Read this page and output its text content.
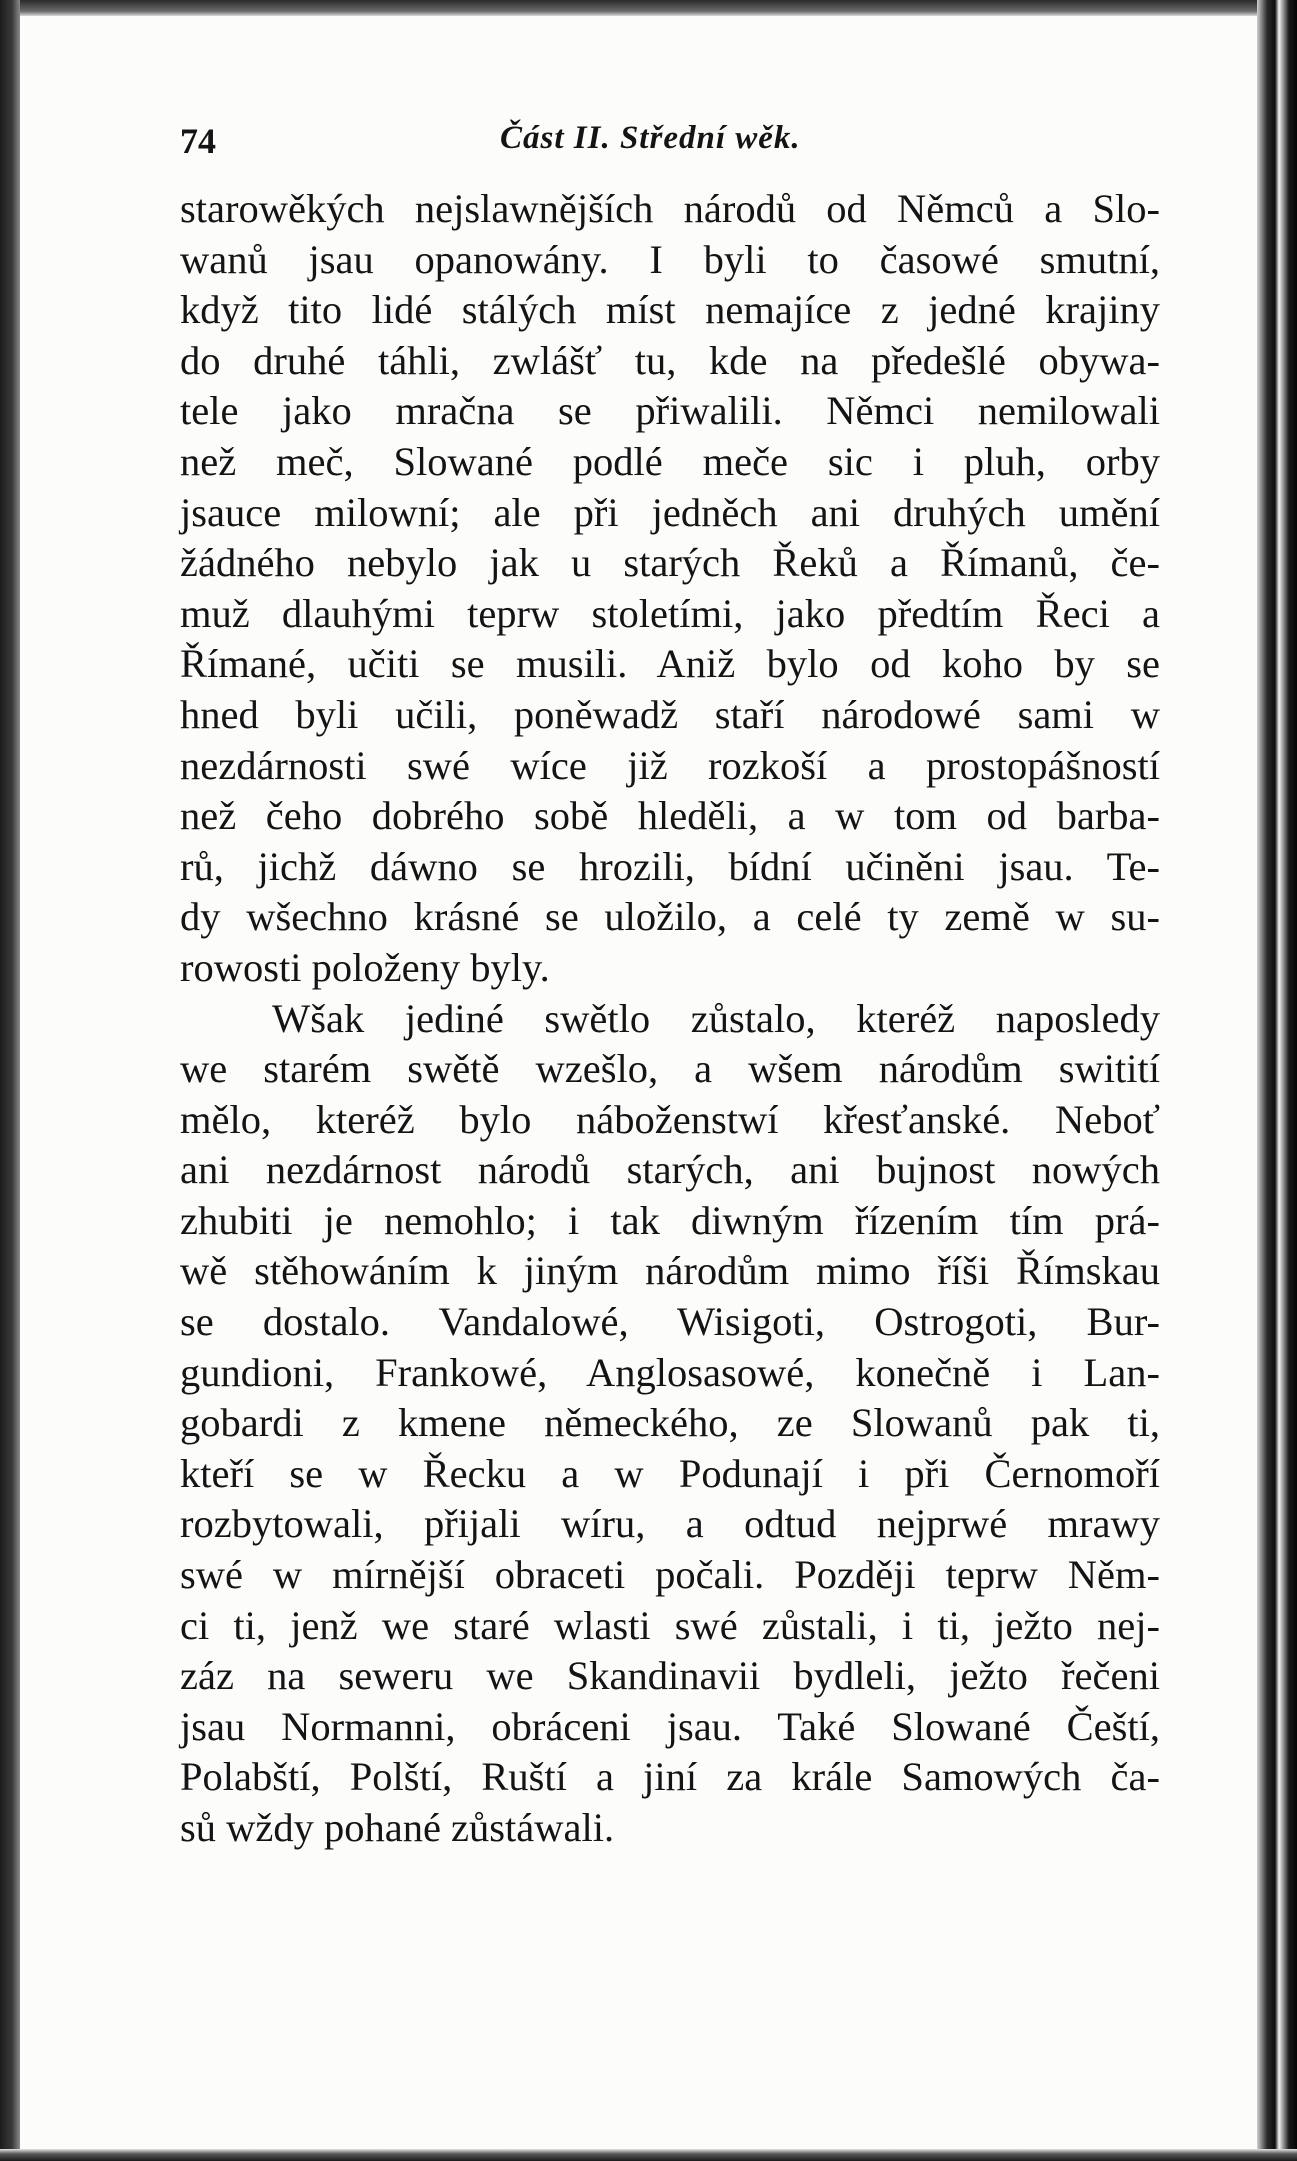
74	Část II. Střední wěk.
starowěkých nejslawnějších národů od Němců a Slo-
wanů jsau opanowány. I byli to časowé smutní,
když tito lidé stálých míst nemajíce z jedné krajiny
do druhé táhli, zwlášť tu, kde na předešlé obywa-
tele jako mračna se přiwalili. Němci nemilowali
než meč, Slowané podlé meče sic i pluh, orby
jsauce milowní; ale při jedněch ani druhých umění
žádného nebylo jak u starých Řeků a Římanů, če-
muž dlauhými teprw stoletími, jako předtím Řeci a
Římané, učiti se musili. Aniž bylo od koho by se
hned byli učili, poněwadž staří národowé sami w
nezdárnosti swé wíce již rozkoší a prostopášností
než čeho dobrého sobě hleděli, a w tom od barba-
rů, jichž dáwno se hrozili, bídní učiněni jsau. Te-
dy wšechno krásné se uložilo, a celé ty země w su-
rowosti položeny byly.
Wšak jediné swětlo zůstalo, kteréž naposledy
we starém swětě wzešlo, a wšem národům switití
mělo, kteréž bylo náboženstwí křesťanské. Neboť
ani nezdárnost národů starých, ani bujnost nowých
zhubiti je nemohlo; i tak diwným řízením tím prá-
wě stěhowáním k jiným národům mimo říši Římskau
se dostalo. Vandalowé, Wisigoti, Ostrogoti, Bur-
gundioni, Frankowé, Anglosasowé, konečně i Lan-
gobardi z kmene německého, ze Slowanů pak ti,
kteří se w Řecku a w Podunají i při Černomoří
rozbytowali, přijali wíru, a odtud nejprwé mrawy
swé w mírnější obraceti počali. Později teprw Něm-
ci ti, jenž we staré wlasti swé zůstali, i ti, ježto nej-
záz na seweru we Skandinavii bydleli, ježto řečeni
jsau Normanni, obráceni jsau. Také Slowané Čeští,
Polabští, Polští, Ruští a jiní za krále Samowých ča-
sů wždy pohané zůstáwali.
